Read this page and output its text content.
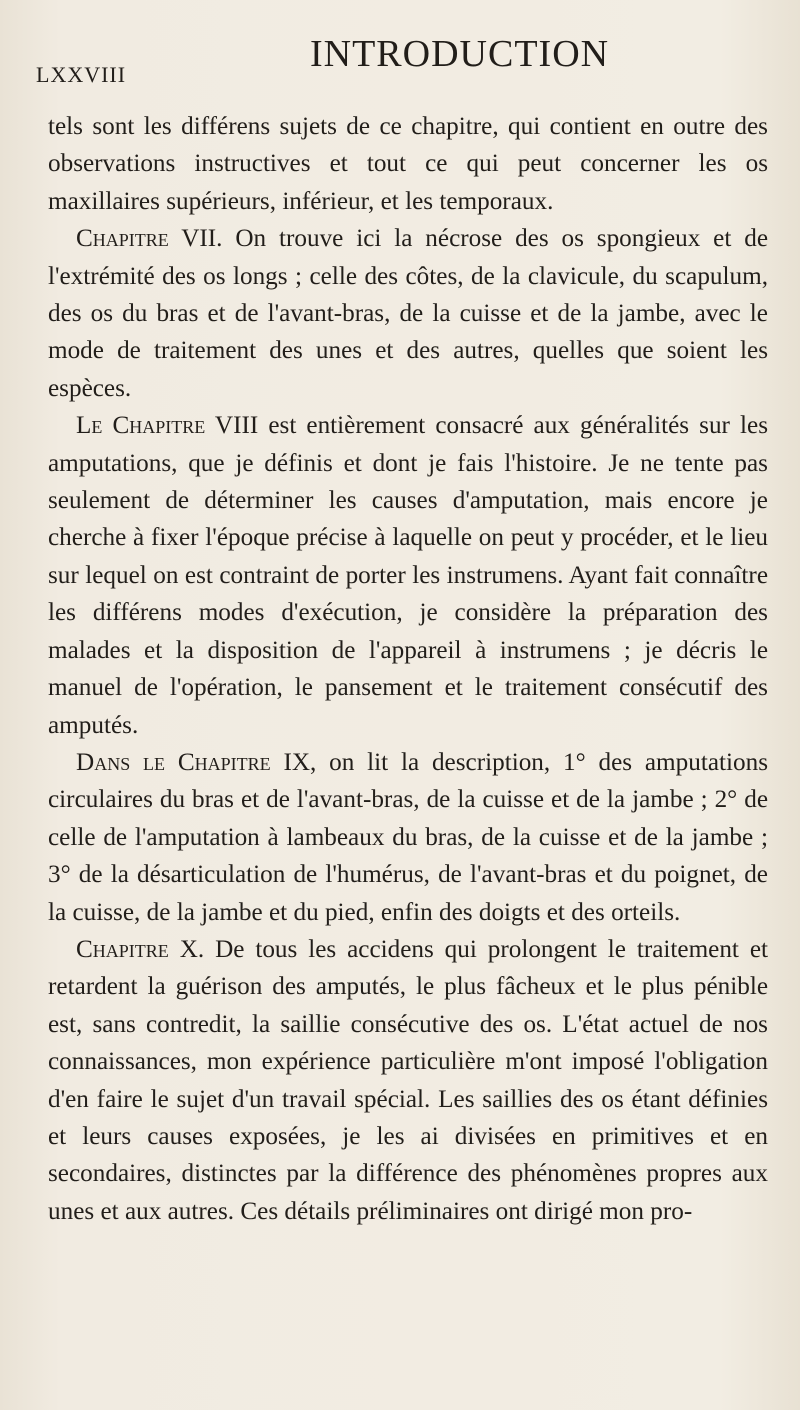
LXXVIII	INTRODUCTION

tels sont les différens sujets de ce chapitre, qui contient en outre des observations instructives et tout ce qui peut concerner les os maxillaires supérieurs, inférieur, et les temporaux.

Chapitre VII. On trouve ici la nécrose des os spongieux et de l'extrémité des os longs ; celle des côtes, de la clavicule, du scapulum, des os du bras et de l'avant-bras, de la cuisse et de la jambe, avec le mode de traitement des unes et des autres, quelles que soient les espèces.

Le Chapitre VIII est entièrement consacré aux généralités sur les amputations, que je définis et dont je fais l'histoire. Je ne tente pas seulement de déterminer les causes d'amputation, mais encore je cherche à fixer l'époque précise à laquelle on peut y procéder, et le lieu sur lequel on est contraint de porter les instrumens. Ayant fait connaître les différens modes d'exécution, je considère la préparation des malades et la disposition de l'appareil à instrumens ; je décris le manuel de l'opération, le pansement et le traitement consécutif des amputés.

Dans le Chapitre IX, on lit la description, 1° des amputations circulaires du bras et de l'avant-bras, de la cuisse et de la jambe ; 2° de celle de l'amputation à lambeaux du bras, de la cuisse et de la jambe ; 3° de la désarticulation de l'humérus, de l'avant-bras et du poignet, de la cuisse, de la jambe et du pied, enfin des doigts et des orteils.

Chapitre X. De tous les accidens qui prolongent le traitement et retardent la guérison des amputés, le plus fâcheux et le plus pénible est, sans contredit, la saillie consécutive des os. L'état actuel de nos connaissances, mon expérience particulière m'ont imposé l'obligation d'en faire le sujet d'un travail spécial. Les saillies des os étant définies et leurs causes exposées, je les ai divisées en primitives et en secondaires, distinctes par la différence des phénomènes propres aux unes et aux autres. Ces détails préliminaires ont dirigé mon pro-
